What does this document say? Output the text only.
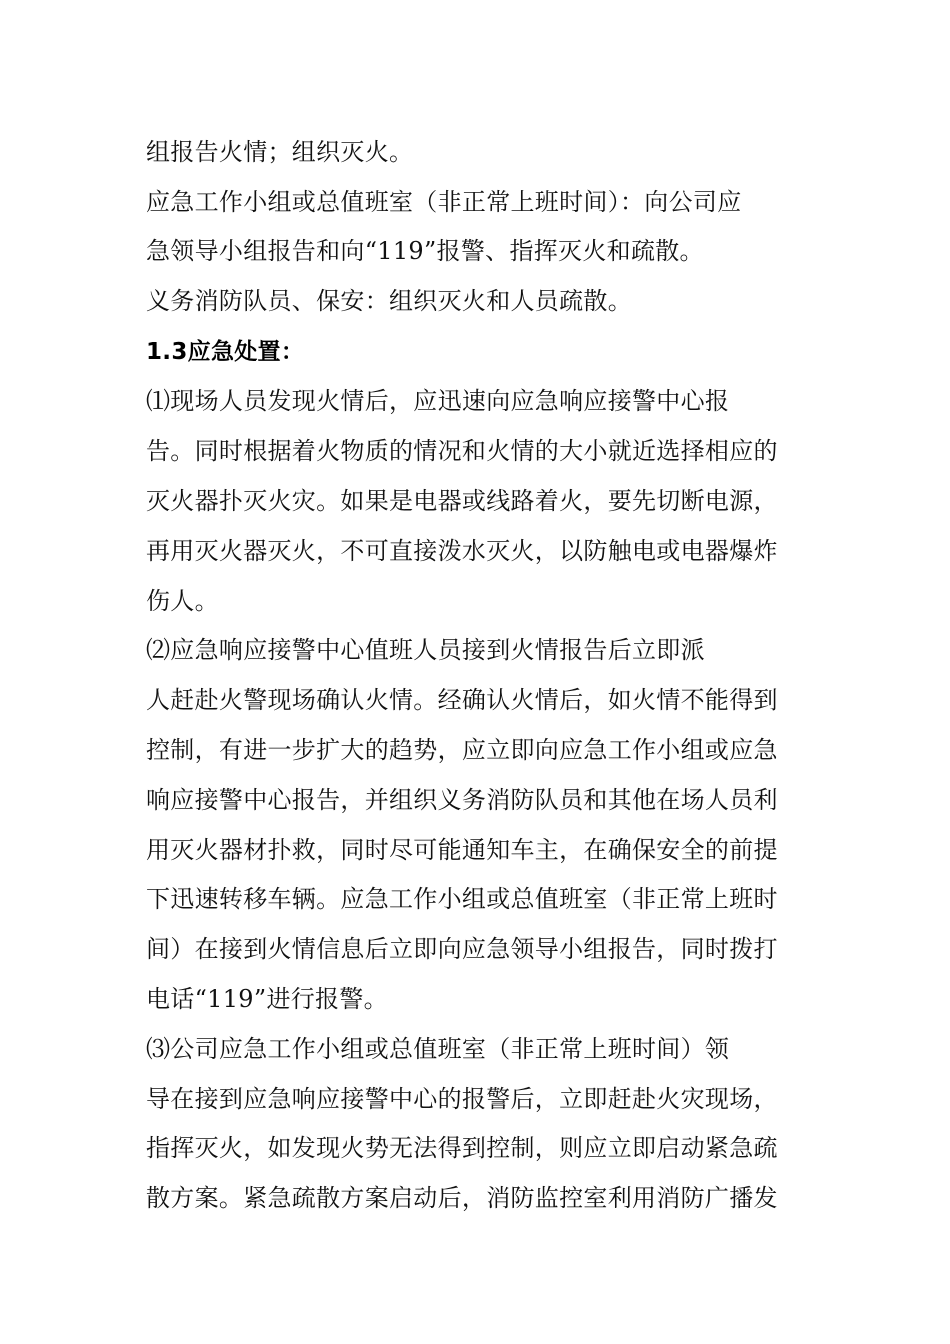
组报告火情；组织灭火。
应急工作小组或总值班室（非正常上班时间）：向公司应
急领导小组报告和向“119”报警、指挥灭火和疏散。
义务消防队员、保安：组织灭火和人员疏散。
1.3应急处置：
⑴现场人员发现火情后，应迅速向应急响应接警中心报
告。同时根据着火物质的情况和火情的大小就近选择相应的
灭火器扑灭火灾。如果是电器或线路着火，要先切断电源，
再用灭火器灭火，不可直接泼水灭火，以防触电或电器爆炸
伤人。
⑵应急响应接警中心值班人员接到火情报告后立即派
人赶赴火警现场确认火情。经确认火情后，如火情不能得到
控制，有进一步扩大的趋势，应立即向应急工作小组或应急
响应接警中心报告，并组织义务消防队员和其他在场人员利
用灭火器材扑救，同时尽可能通知车主，在确保安全的前提
下迅速转移车辆。应急工作小组或总值班室（非正常上班时
间）在接到火情信息后立即向应急领导小组报告，同时拨打
电话“119”进行报警。
⑶公司应急工作小组或总值班室（非正常上班时间）领
导在接到应急响应接警中心的报警后，立即赶赴火灾现场，
指挥灭火，如发现火势无法得到控制，则应立即启动紧急疏
散方案。紧急疏散方案启动后，消防监控室利用消防广播发
